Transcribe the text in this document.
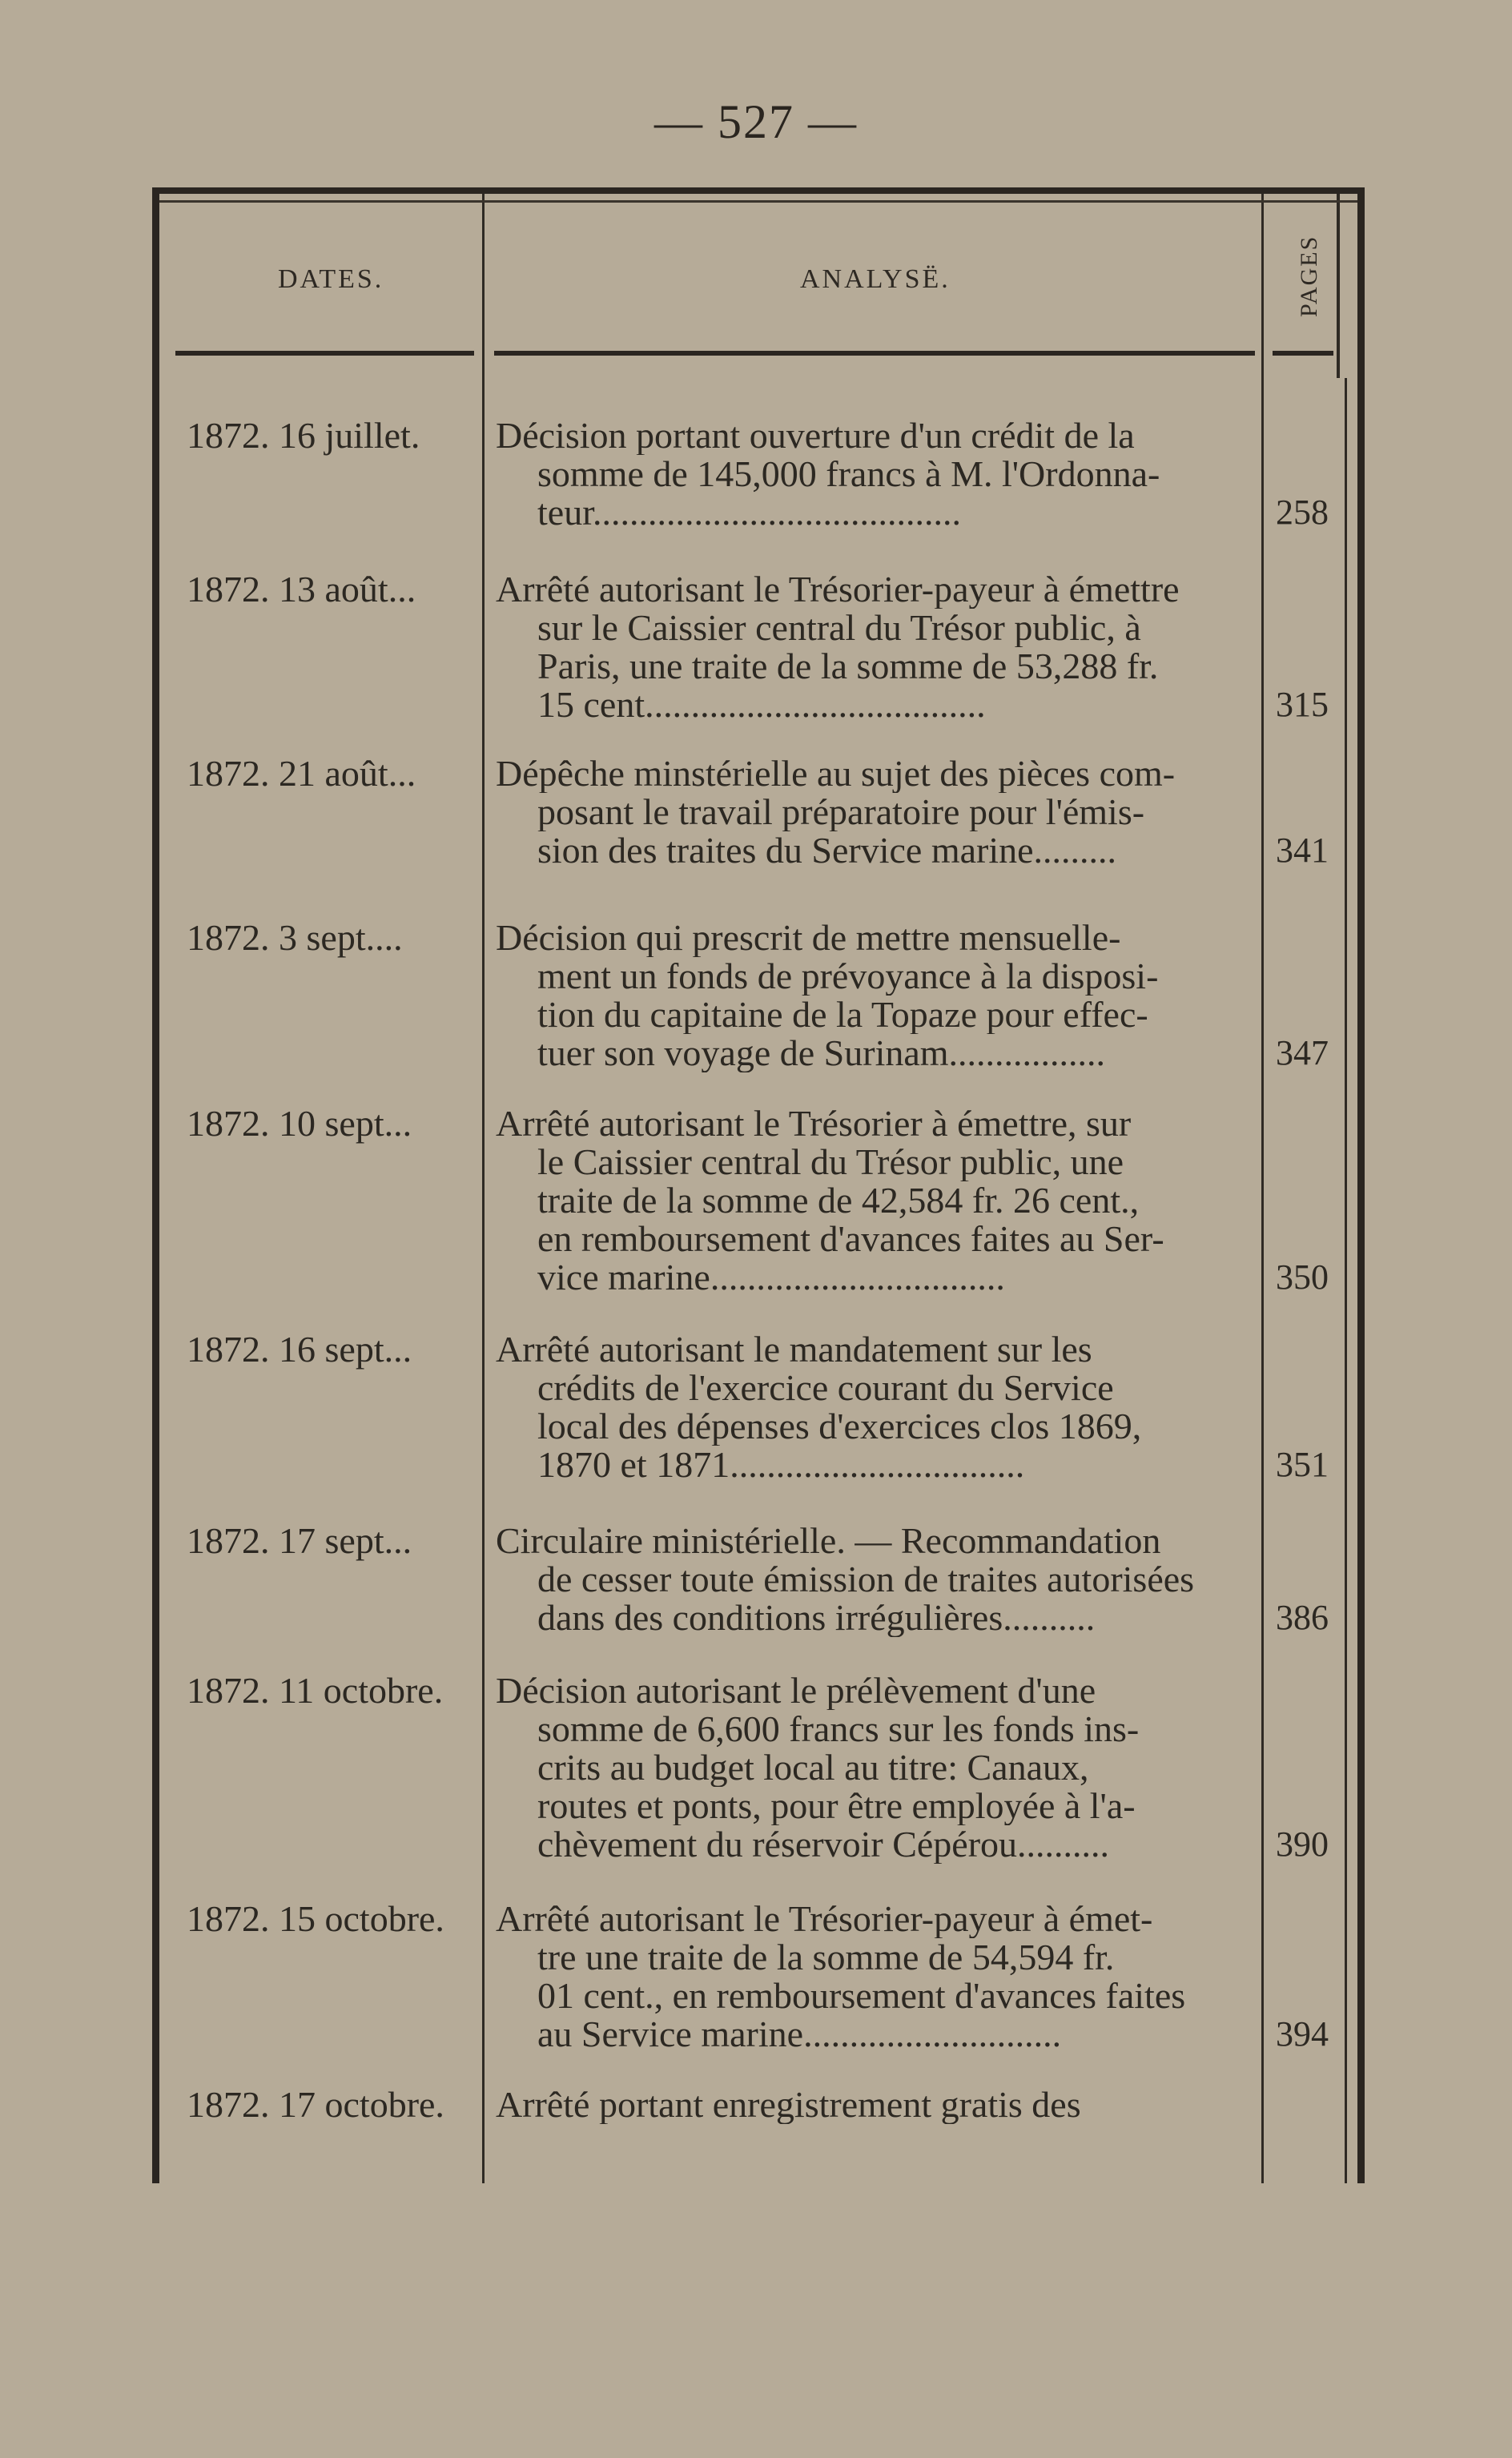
— 527 —
DATES.	ANALYSË.	PAGES
1872. 16 juillet.	Décision portant ouverture d'un crédit de la
somme de 145,000 francs à M. l'Ordonna-
teur........................................	258
1872. 13 août...	Arrêté autorisant le Trésorier-payeur à émettre
sur le Caissier central du Trésor public, à
Paris, une traite de la somme de 53,288 fr.
15 cent.....................................	315
1872. 21 août...	Dépêche minstérielle au sujet des pièces com-
posant le travail préparatoire pour l'émis-
sion des traites du Service marine.........	341
1872. 3 sept....	Décision qui prescrit de mettre mensuelle-
ment un fonds de prévoyance à la disposi-
tion du capitaine de la Topaze pour effec-
tuer son voyage de Surinam.................	347
1872. 10 sept...	Arrêté autorisant le Trésorier à émettre, sur
le Caissier central du Trésor public, une
traite de la somme de 42,584 fr. 26 cent.,
en remboursement d'avances faites au Ser-
vice marine................................	350
1872. 16 sept...	Arrêté autorisant le mandatement sur les
crédits de l'exercice courant du Service
local des dépenses d'exercices clos 1869,
1870 et 1871................................	351
1872. 17 sept...	Circulaire ministérielle. — Recommandation
de cesser toute émission de traites autorisées
dans des conditions irrégulières..........	386
1872. 11 octobre.	Décision autorisant le prélèvement d'une
somme de 6,600 francs sur les fonds ins-
crits au budget local au titre: Canaux,
routes et ponts, pour être employée à l'a-
chèvement du réservoir Cépérou..........	390
1872. 15 octobre.	Arrêté autorisant le Trésorier-payeur à émet-
tre une traite de la somme de 54,594 fr.
01 cent., en remboursement d'avances faites
au Service marine............................	394
1872. 17 octobre.	Arrêté portant enregistrement gratis des
